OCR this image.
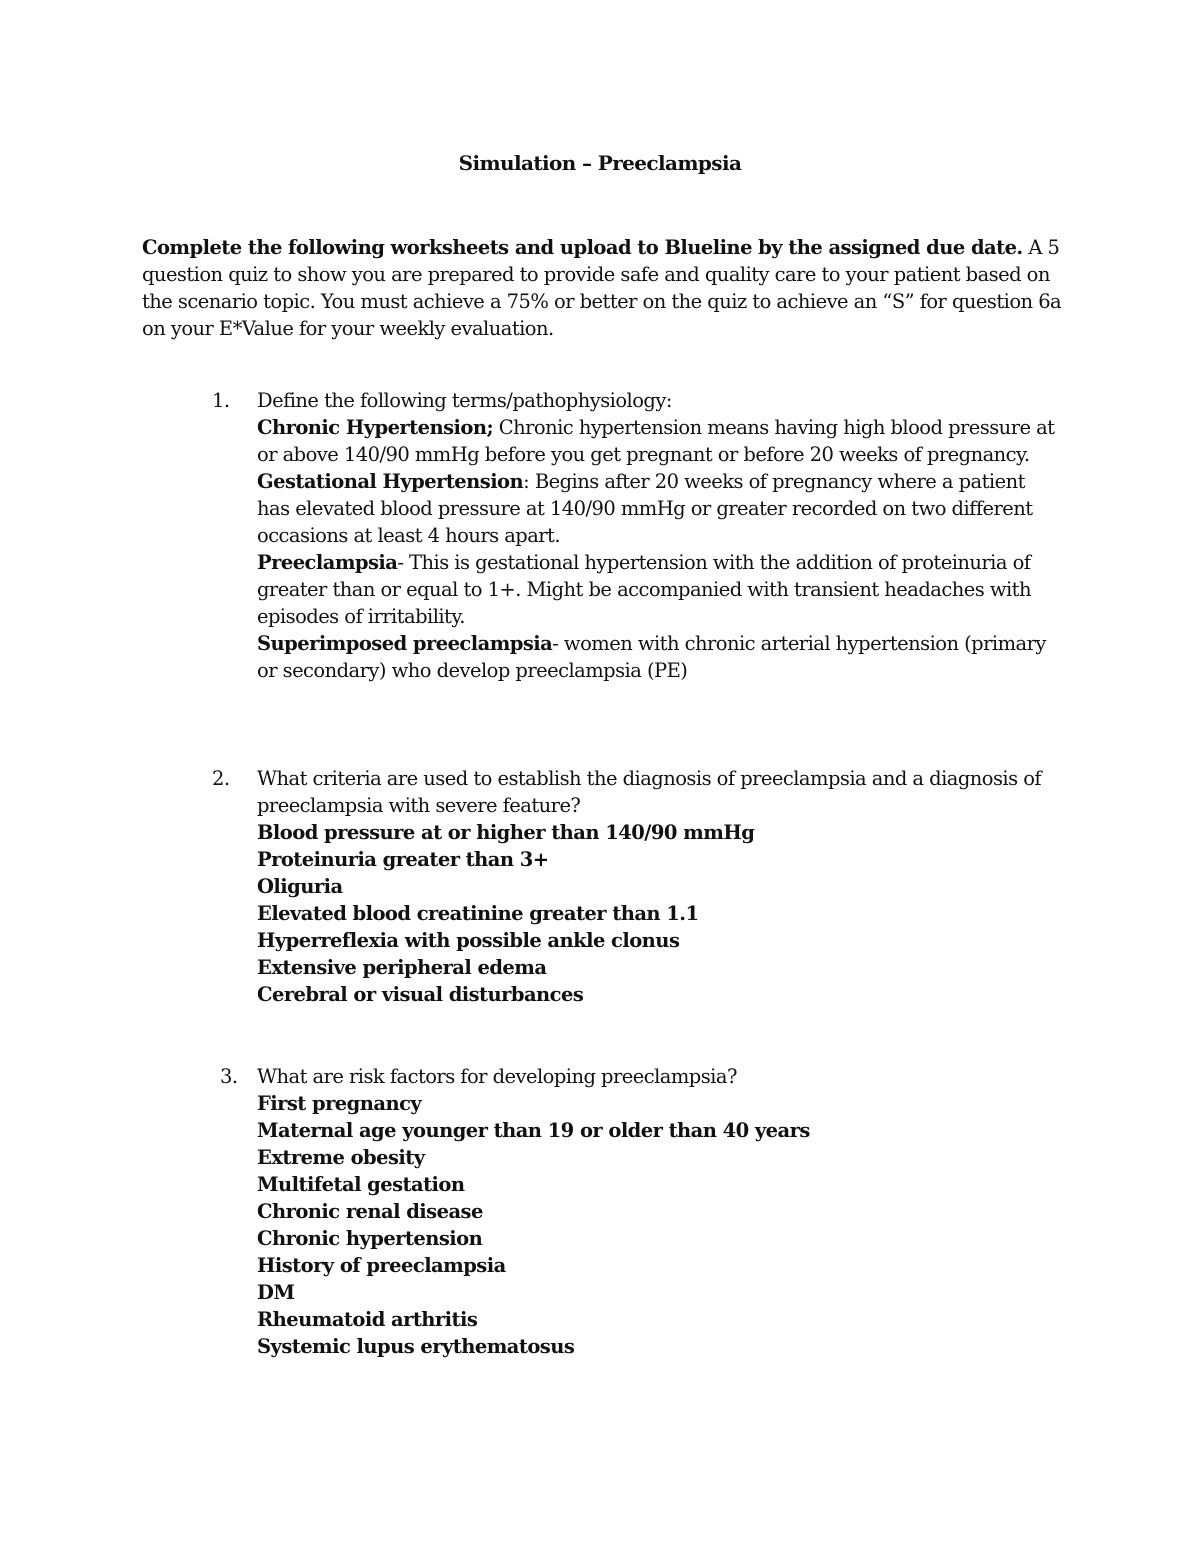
Simulation – Preeclampsia

Complete the following worksheets and upload to Blueline by the assigned due date. A 5 question quiz to show you are prepared to provide safe and quality care to your patient based on the scenario topic. You must achieve a 75% or better on the quiz to achieve an “S” for question 6a on your E*Value for your weekly evaluation.

1.	Define the following terms/pathophysiology:

Chronic Hypertension; Chronic hypertension means having high blood pressure at or above 140/90 mmHg before you get pregnant or before 20 weeks of pregnancy.

Gestational Hypertension: Begins after 20 weeks of pregnancy where a patient has elevated blood pressure at 140/90 mmHg or greater recorded on two different occasions at least 4 hours apart.

Preeclampsia- This is gestational hypertension with the addition of proteinuria of greater than or equal to 1+. Might be accompanied with transient headaches with episodes of irritability.

Superimposed preeclampsia- women with chronic arterial hypertension (primary or secondary) who develop preeclampsia (PE)

2.	What criteria are used to establish the diagnosis of preeclampsia and a diagnosis of preeclampsia with severe feature?

Blood pressure at or higher than 140/90 mmHg

Proteinuria greater than 3+

Oliguria

Elevated blood creatinine greater than 1.1

Hyperreflexia with possible ankle clonus

Extensive peripheral edema

Cerebral or visual disturbances

3. What are risk factors for developing preeclampsia?

First pregnancy

Maternal age younger than 19 or older than 40 years

Extreme obesity

Multifetal gestation

Chronic renal disease

Chronic hypertension

History of preeclampsia

DM

Rheumatoid arthritis

Systemic lupus erythematosus
